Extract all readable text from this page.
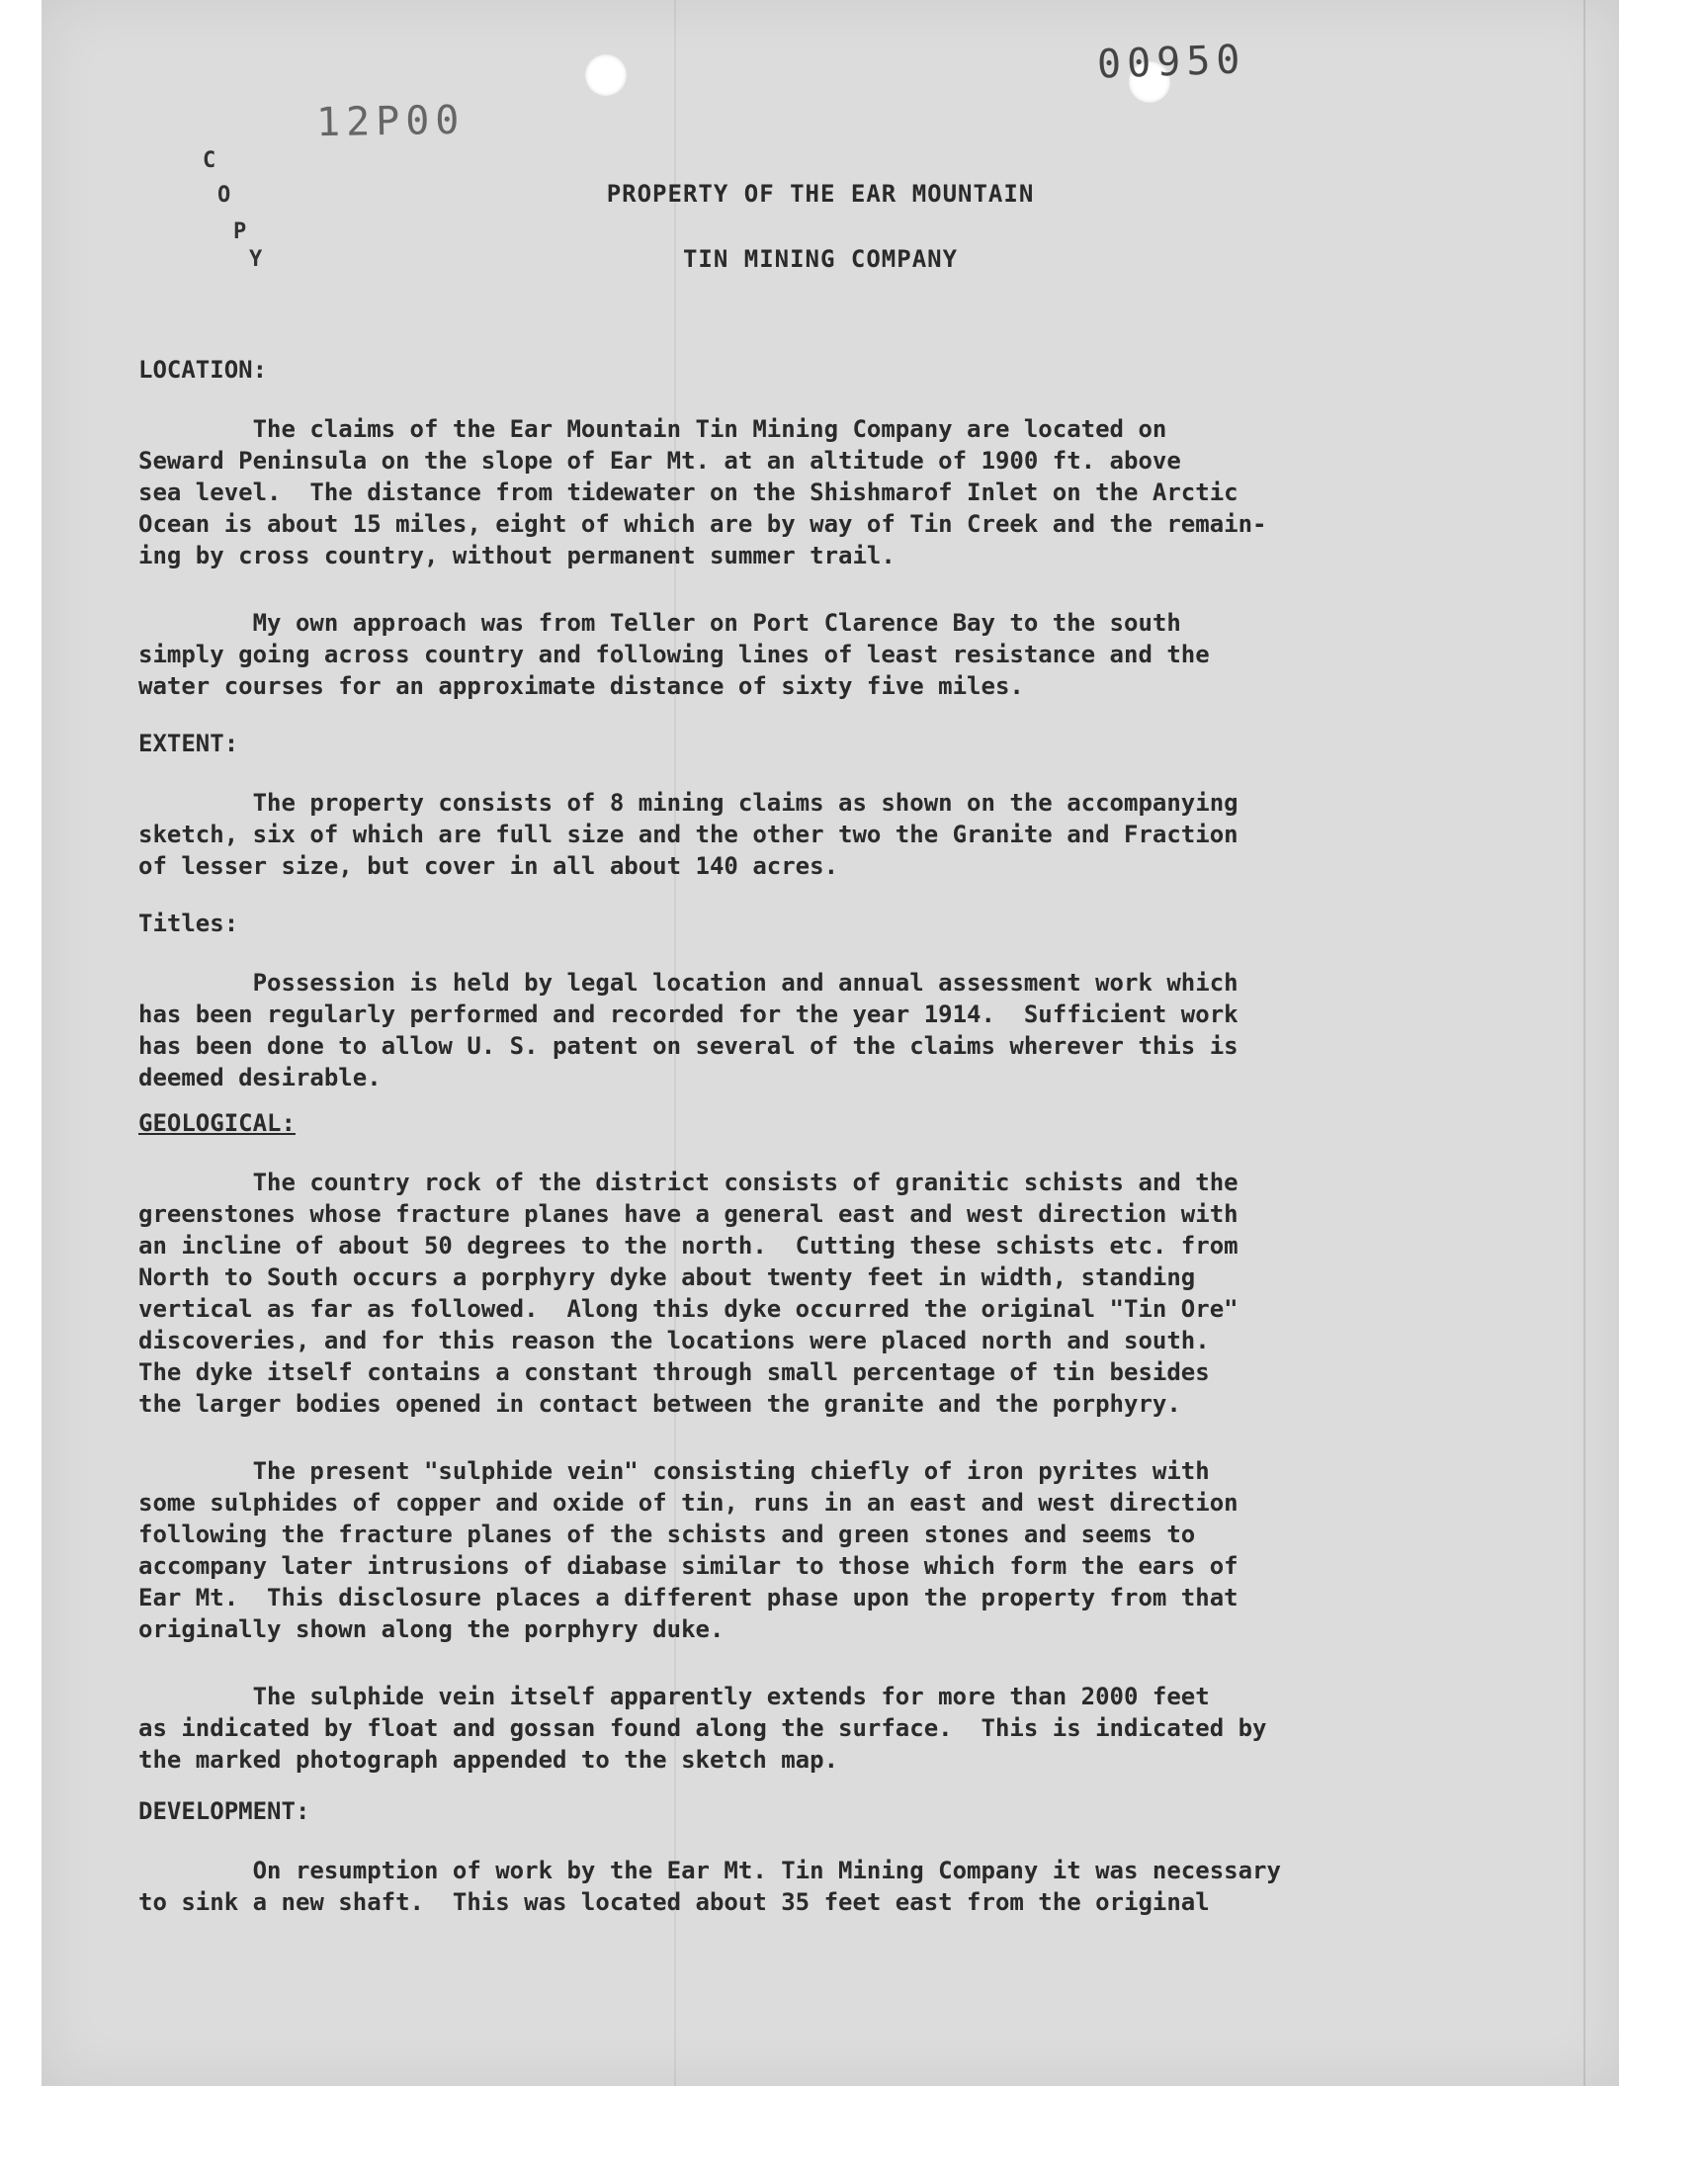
12P00
00950
C
O
P
Y

PROPERTY OF THE EAR MOUNTAIN

TIN MINING COMPANY

LOCATION:

The claims of the Ear Mountain Tin Mining Company are located on
Seward Peninsula on the slope of Ear Mt. at an altitude of 1900 ft. above
sea level.  The distance from tidewater on the Shishmarof Inlet on the Arctic
Ocean is about 15 miles, eight of which are by way of Tin Creek and the remain-
ing by cross country, without permanent summer trail.

My own approach was from Teller on Port Clarence Bay to the south
simply going across country and following lines of least resistance and the
water courses for an approximate distance of sixty five miles.

EXTENT:

The property consists of 8 mining claims as shown on the accompanying
sketch, six of which are full size and the other two the Granite and Fraction
of lesser size, but cover in all about 140 acres.

Titles:

Possession is held by legal location and annual assessment work which
has been regularly performed and recorded for the year 1914.  Sufficient work
has been done to allow U. S. patent on several of the claims wherever this is
deemed desirable.

GEOLOGICAL:

The country rock of the district consists of granitic schists and the
greenstones whose fracture planes have a general east and west direction with
an incline of about 50 degrees to the north.  Cutting these schists etc. from
North to South occurs a porphyry dyke about twenty feet in width, standing
vertical as far as followed.  Along this dyke occurred the original "Tin Ore"
discoveries, and for this reason the locations were placed north and south.
The dyke itself contains a constant through small percentage of tin besides
the larger bodies opened in contact between the granite and the porphyry.

The present "sulphide vein" consisting chiefly of iron pyrites with
some sulphides of copper and oxide of tin, runs in an east and west direction
following the fracture planes of the schists and green stones and seems to
accompany later intrusions of diabase similar to those which form the ears of
Ear Mt.  This disclosure places a different phase upon the property from that
originally shown along the porphyry duke.

The sulphide vein itself apparently extends for more than 2000 feet
as indicated by float and gossan found along the surface.  This is indicated by
the marked photograph appended to the sketch map.

DEVELOPMENT:

On resumption of work by the Ear Mt. Tin Mining Company it was necessary
to sink a new shaft.  This was located about 35 feet east from the original
